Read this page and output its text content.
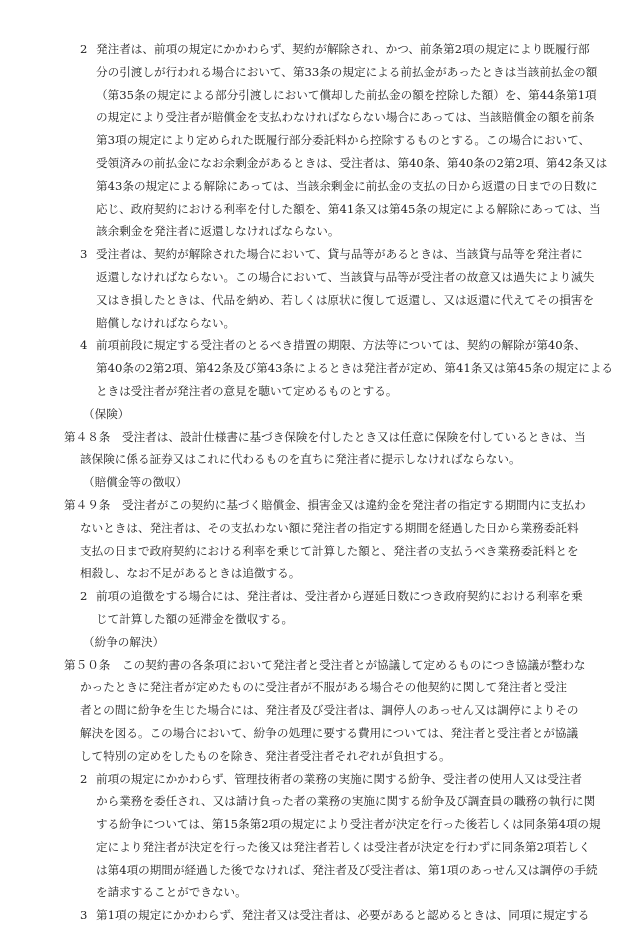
2 発注者は、前項の規定にかかわらず、契約が解除され、かつ、前条第2項の規定により既履行部
分の引渡しが行われる場合において、第33条の規定による前払金があったときは当該前払金の額
（第35条の規定による部分引渡しにおいて償却した前払金の額を控除した額）を、第44条第1項
の規定により受注者が賠償金を支払わなければならない場合にあっては、当該賠償金の額を前条
第3項の規定により定められた既履行部分委託料から控除するものとする。この場合において、
受領済みの前払金になお余剰金があるときは、受注者は、第40条、第40条の2第2項、第42条又は
第43条の規定による解除にあっては、当該余剰金に前払金の支払の日から返還の日までの日数に
応じ、政府契約における利率を付した額を、第41条又は第45条の規定による解除にあっては、当
該余剰金を発注者に返還しなければならない。
3 受注者は、契約が解除された場合において、貸与品等があるときは、当該貸与品等を発注者に
返還しなければならない。この場合において、当該貸与品等が受注者の故意又は過失により滅失
又はき損したときは、代品を納め、若しくは原状に復して返還し、又は返還に代えてその損害を
賠償しなければならない。
4 前項前段に規定する受注者のとるべき措置の期限、方法等については、契約の解除が第40条、
第40条の2第2項、第42条及び第43条によるときは発注者が定め、第41条又は第45条の規定による
ときは受注者が発注者の意見を聴いて定めるものとする。
（保険）
第４８条　受注者は、設計仕様書に基づき保険を付したとき又は任意に保険を付しているときは、当
該保険に係る証券又はこれに代わるものを直ちに発注者に提示しなければならない。
（賠償金等の徴収）
第４９条　受注者がこの契約に基づく賠償金、損害金又は違約金を発注者の指定する期間内に支払わ
ないときは、発注者は、その支払わない額に発注者の指定する期間を経過した日から業務委託料
支払の日まで政府契約における利率を乗じて計算した額と、発注者の支払うべき業務委託料とを
相殺し、なお不足があるときは追徴する。
2 前項の追徴をする場合には、発注者は、受注者から遅延日数につき政府契約における利率を乗
じて計算した額の延滞金を徴収する。
（紛争の解決）
第５０条　この契約書の各条項において発注者と受注者とが協議して定めるものにつき協議が整わな
かったときに発注者が定めたものに受注者が不服がある場合その他契約に関して発注者と受注
者との間に紛争を生じた場合には、発注者及び受注者は、調停人のあっせん又は調停によりその
解決を図る。この場合において、紛争の処理に要する費用については、発注者と受注者とが協議
して特別の定めをしたものを除き、発注者受注者それぞれが負担する。
2 前項の規定にかかわらず、管理技術者の業務の実施に関する紛争、受注者の使用人又は受注者
から業務を委任され、又は請け負った者の業務の実施に関する紛争及び調査員の職務の執行に関
する紛争については、第15条第2項の規定により受注者が決定を行った後若しくは同条第4項の規
定により発注者が決定を行った後又は発注者若しくは受注者が決定を行わずに同条第2項若しく
は第4項の期間が経過した後でなければ、発注者及び受注者は、第1項のあっせん又は調停の手続
を請求することができない。
3 第1項の規定にかかわらず、発注者又は受注者は、必要があると認めるときは、同項に規定する
